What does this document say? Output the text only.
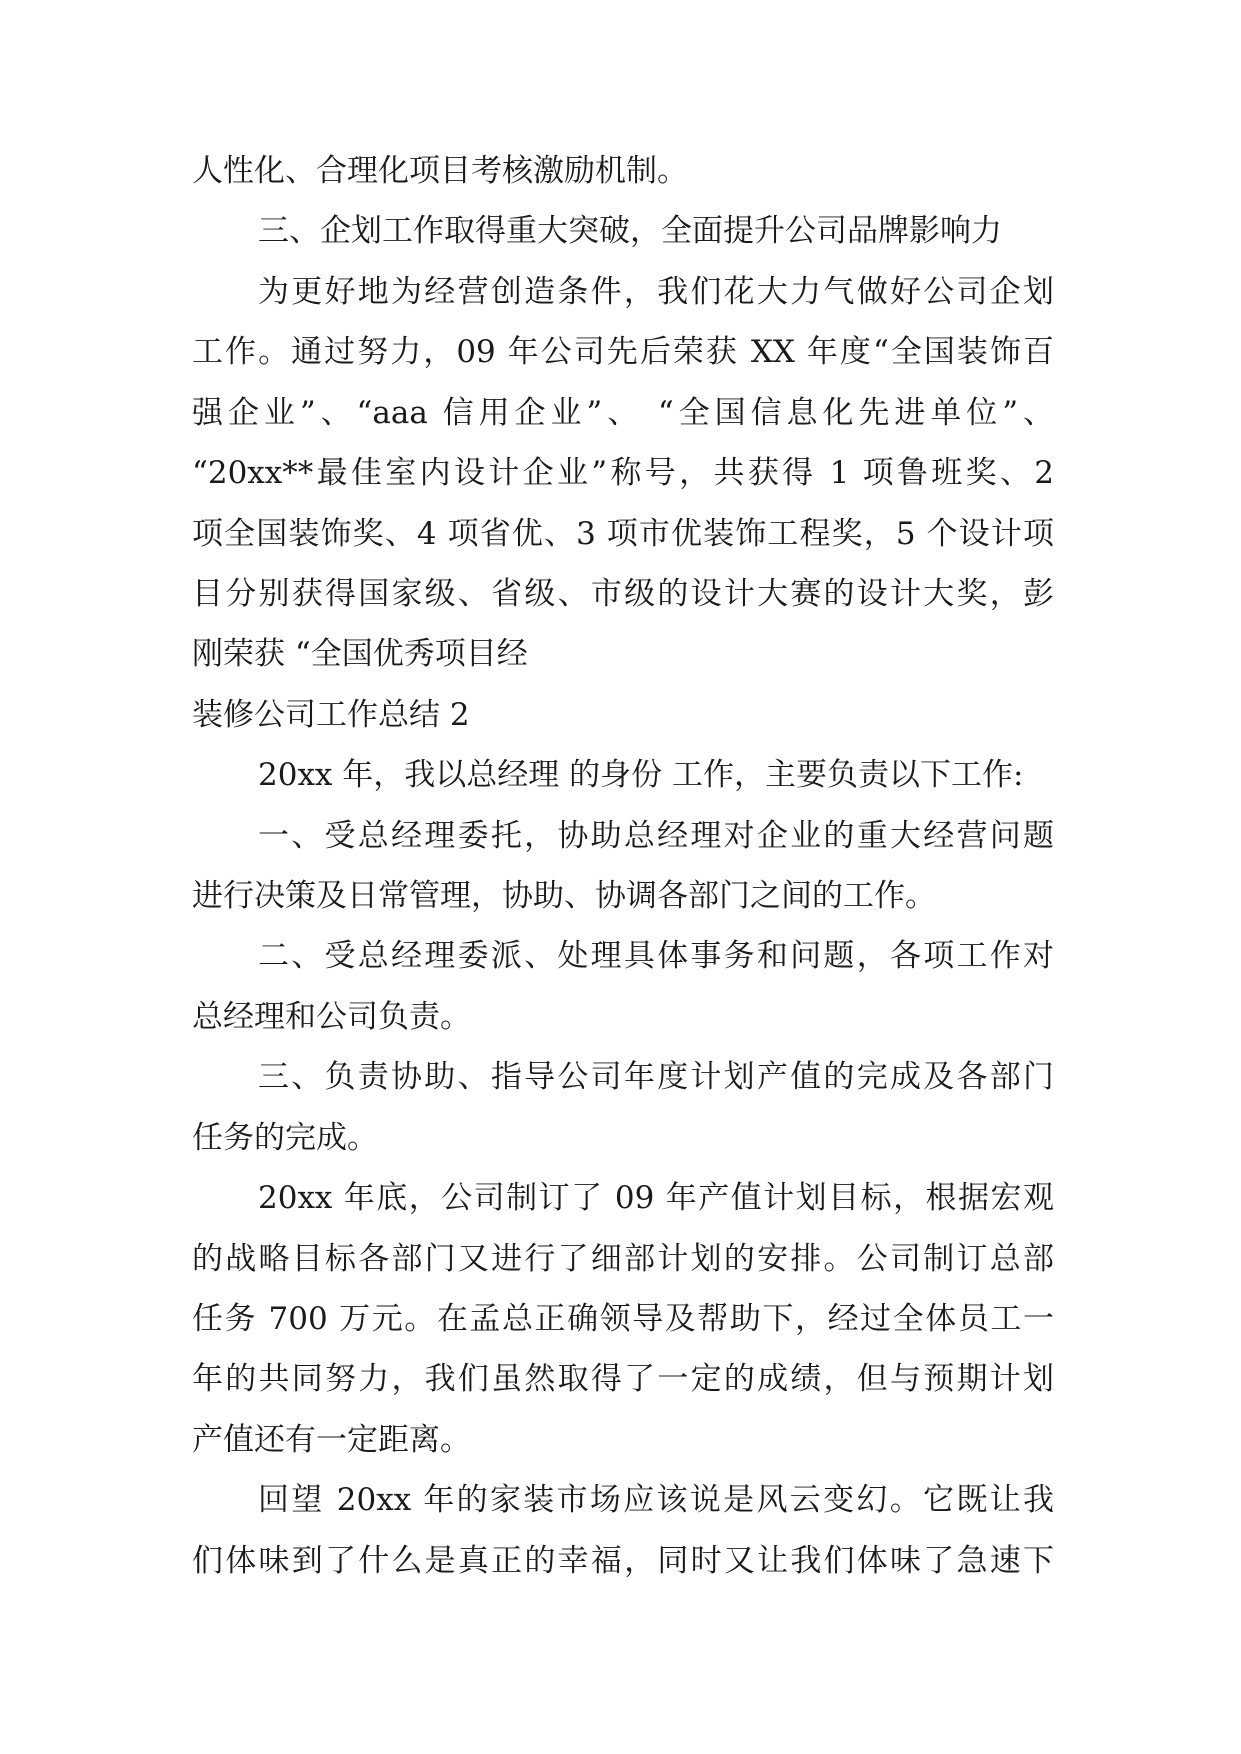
人性化、合理化项目考核激励机制。
三、企划工作取得重大突破，全面提升公司品牌影响力
为更好地为经营创造条件，我们花大力气做好公司企划
工作。通过努力，09 年公司先后荣获 XX 年度“全国装饰百
强企业”、“aaa 信用企业”、 “全国信息化先进单位”、
“20xx**最佳室内设计企业”称号，共获得 1 项鲁班奖、2
项全国装饰奖、4 项省优、3 项市优装饰工程奖，5 个设计项
目分别获得国家级、省级、市级的设计大赛的设计大奖，彭
刚荣获 “全国优秀项目经
装修公司工作总结 2
20xx 年，我以总经理 的身份 工作，主要负责以下工作:
一、受总经理委托，协助总经理对企业的重大经营问题
进行决策及日常管理，协助、协调各部门之间的工作。
二、受总经理委派、处理具体事务和问题，各项工作对
总经理和公司负责。
三、负责协助、指导公司年度计划产值的完成及各部门
任务的完成。
20xx 年底，公司制订了 09 年产值计划目标，根据宏观
的战略目标各部门又进行了细部计划的安排。公司制订总部
任务 700 万元。在孟总正确领导及帮助下，经过全体员工一
年的共同努力，我们虽然取得了一定的成绩，但与预期计划
产值还有一定距离。
回望 20xx 年的家装市场应该说是风云变幻。它既让我
们体味到了什么是真正的幸福，同时又让我们体味了急速下
